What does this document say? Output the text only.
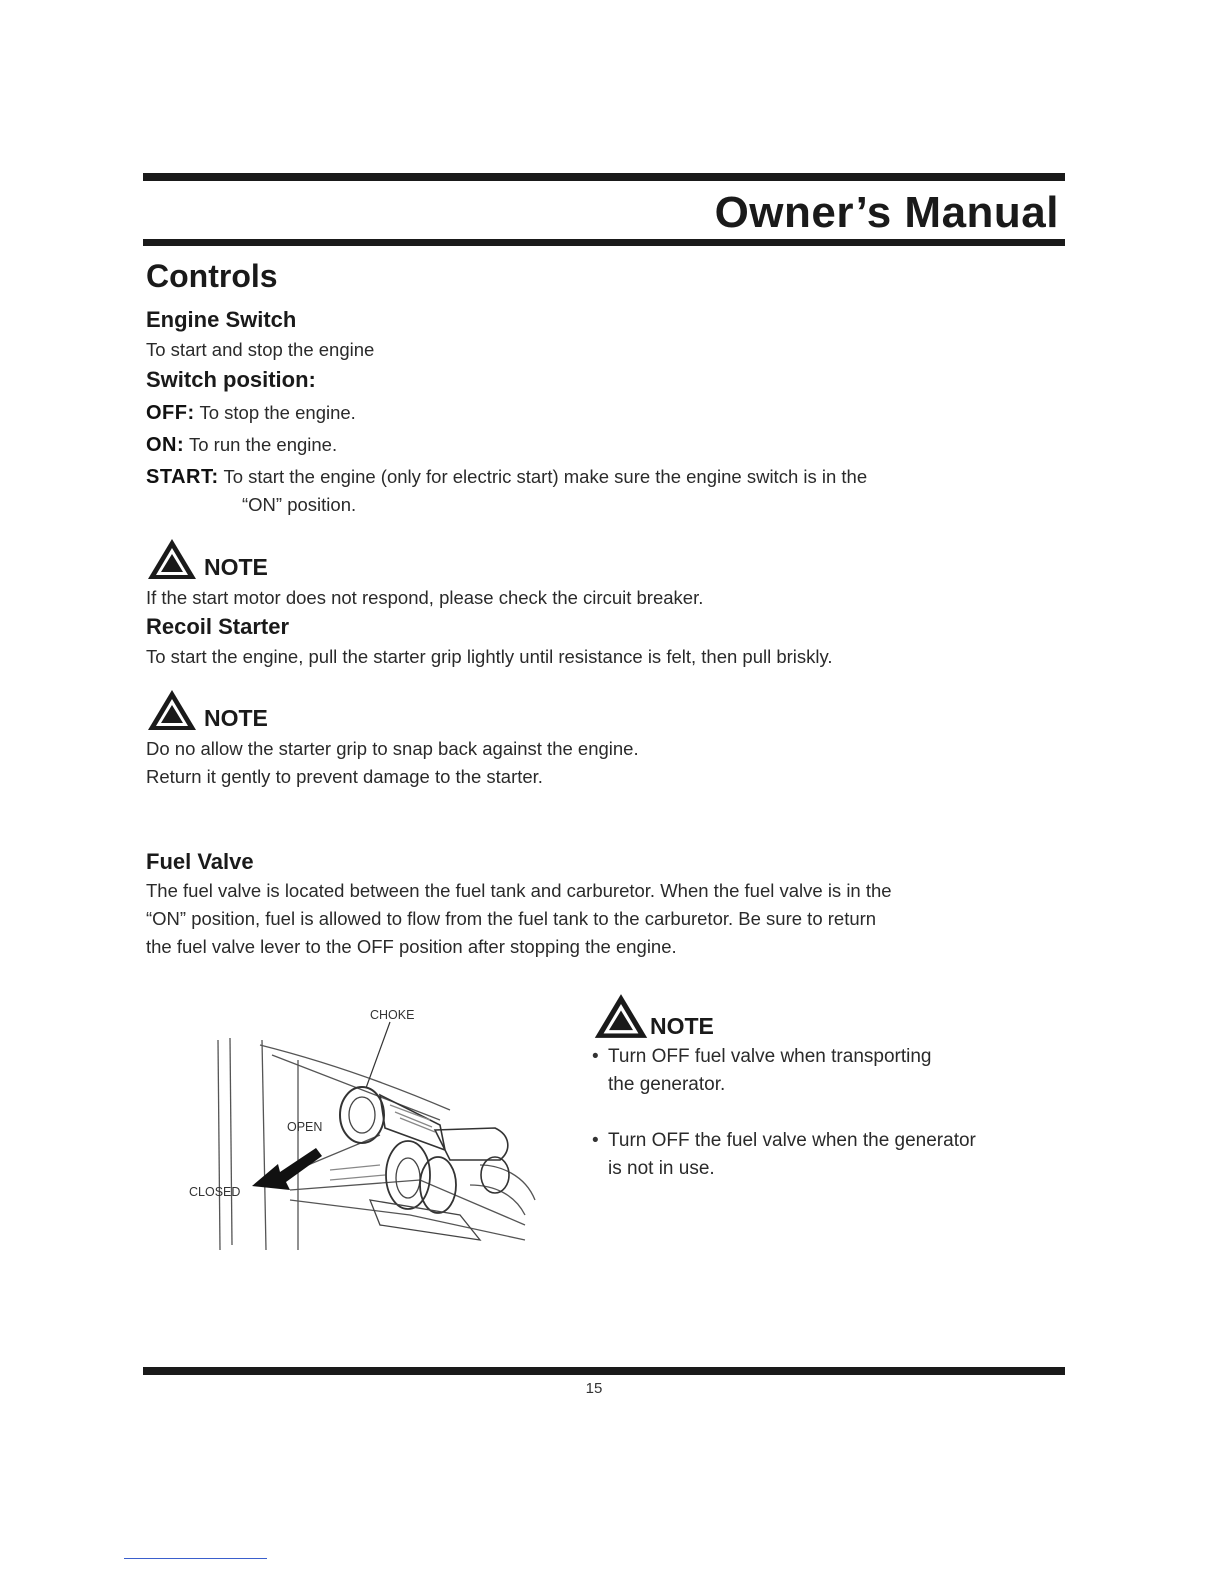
Owner’s Manual
Controls
Engine Switch

To start and stop the engine

Switch position:

OFF: To stop the engine.

ON: To run the engine.

START: To start the engine (only for electric start) make sure the engine switch is in the

“ON” position.

NOTE

If the start motor does not respond, please check the circuit breaker.

Recoil Starter

To start the engine, pull the starter grip lightly until resistance is felt, then pull briskly.

NOTE

Do no allow the starter grip to snap back against the engine.

Return it gently to prevent damage to the starter.

Fuel Valve

The fuel valve is located between the fuel tank and carburetor. When the fuel valve is in the

“ON” position, fuel is allowed to flow from the fuel tank to the carburetor. Be sure to return

the fuel valve lever to the OFF position after stopping the engine.

CHOKE
OPEN
CLOSED
NOTE
• Turn OFF fuel valve when transporting
the generator.
• Turn OFF the fuel valve when the generator
is not in use.

15
